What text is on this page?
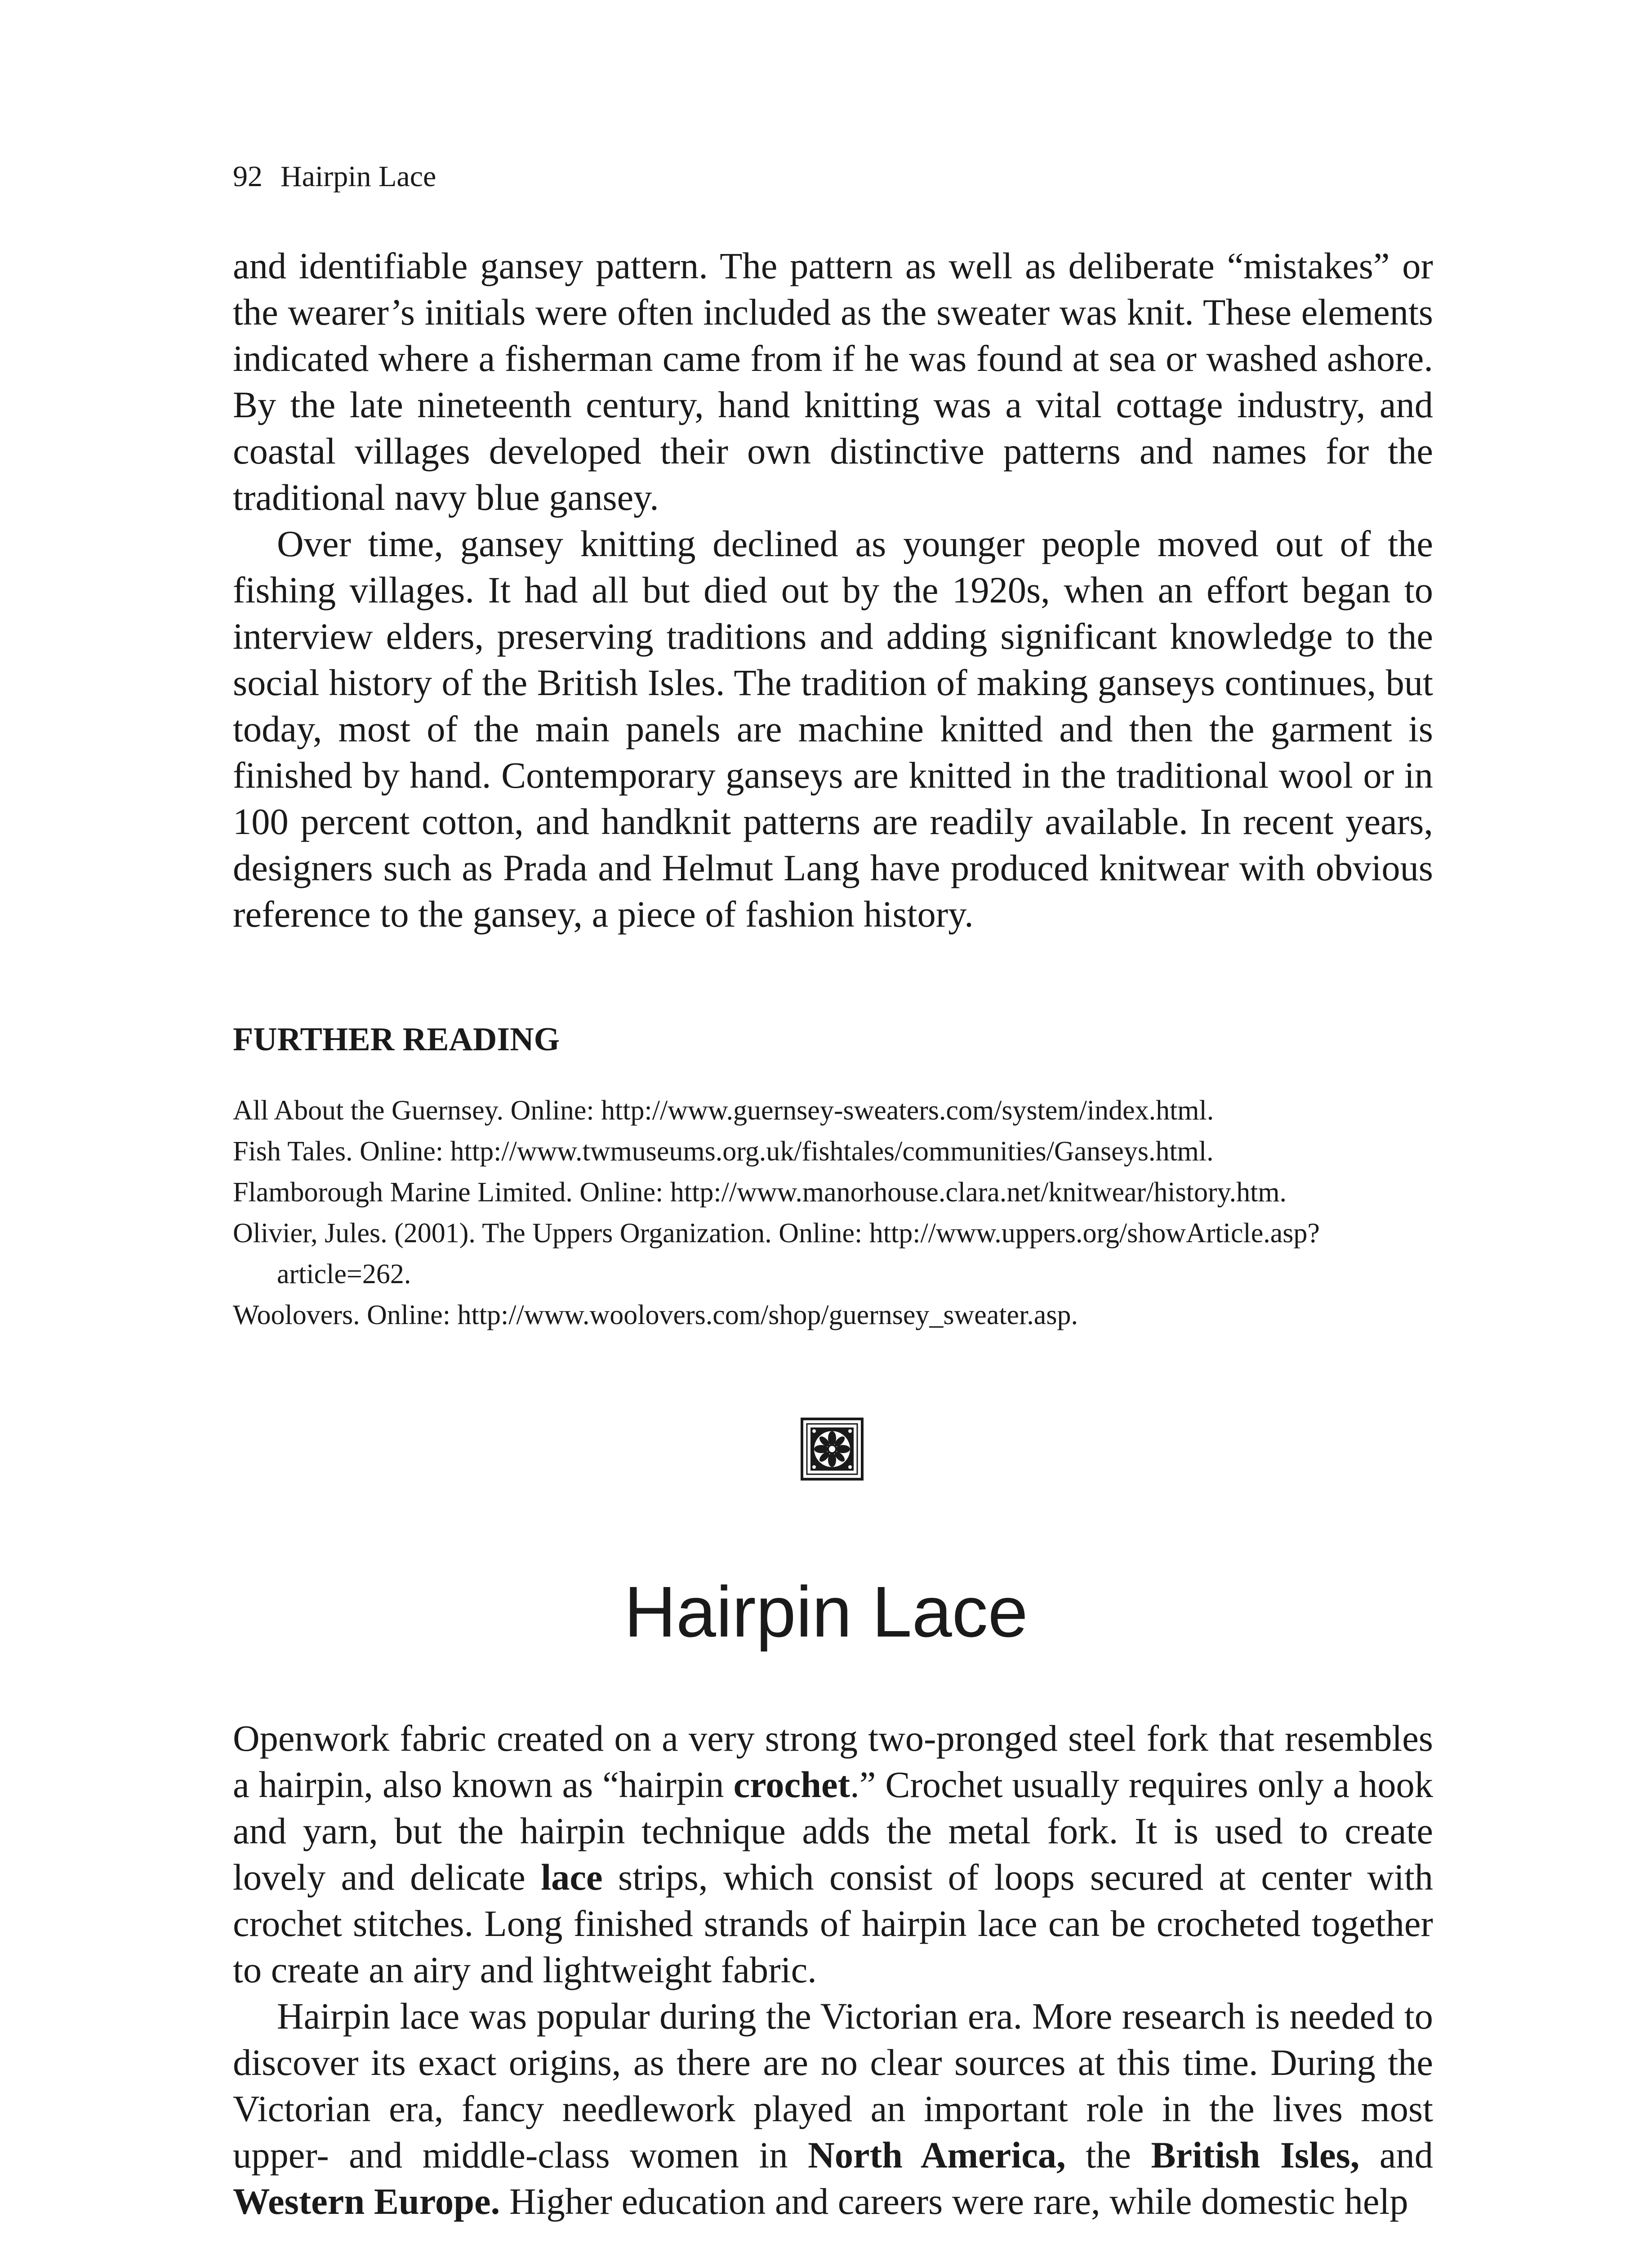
92 Hairpin Lace

and identifiable gansey pattern. The pattern as well as deliberate “mistakes” or the wearer’s initials were often included as the sweater was knit. These elements indicated where a fisherman came from if he was found at sea or washed ashore. By the late nineteenth century, hand knitting was a vital cottage industry, and coastal villages developed their own distinctive patterns and names for the traditional navy blue gansey.

Over time, gansey knitting declined as younger people moved out of the fishing villages. It had all but died out by the 1920s, when an effort began to interview elders, preserving traditions and adding significant knowledge to the social history of the British Isles. The tradition of making ganseys continues, but today, most of the main panels are machine knitted and then the garment is finished by hand. Contemporary ganseys are knitted in the traditional wool or in 100 percent cotton, and handknit patterns are readily available. In recent years, designers such as Prada and Helmut Lang have produced knitwear with obvious reference to the gansey, a piece of fashion history.

FURTHER READING

All About the Guernsey. Online: http://www.guernsey-sweaters.com/system/index.html.

Fish Tales. Online: http://www.twmuseums.org.uk/fishtales/communities/Ganseys.html.

Flamborough Marine Limited. Online: http://www.manorhouse.clara.net/knitwear/history.htm.

Olivier, Jules. (2001). The Uppers Organization. Online: http://www.uppers.org/showArticle.asp?article=262.

Woolovers. Online: http://www.woolovers.com/shop/guernsey_sweater.asp.

Hairpin Lace

Openwork fabric created on a very strong two-pronged steel fork that resembles a hairpin, also known as “hairpin crochet.” Crochet usually requires only a hook and yarn, but the hairpin technique adds the metal fork. It is used to create lovely and delicate lace strips, which consist of loops secured at center with crochet stitches. Long finished strands of hairpin lace can be crocheted together to create an airy and lightweight fabric.

Hairpin lace was popular during the Victorian era. More research is needed to discover its exact origins, as there are no clear sources at this time. During the Victorian era, fancy needlework played an important role in the lives most upper- and middle-class women in North America, the British Isles, and Western Europe. Higher education and careers were rare, while domestic help
